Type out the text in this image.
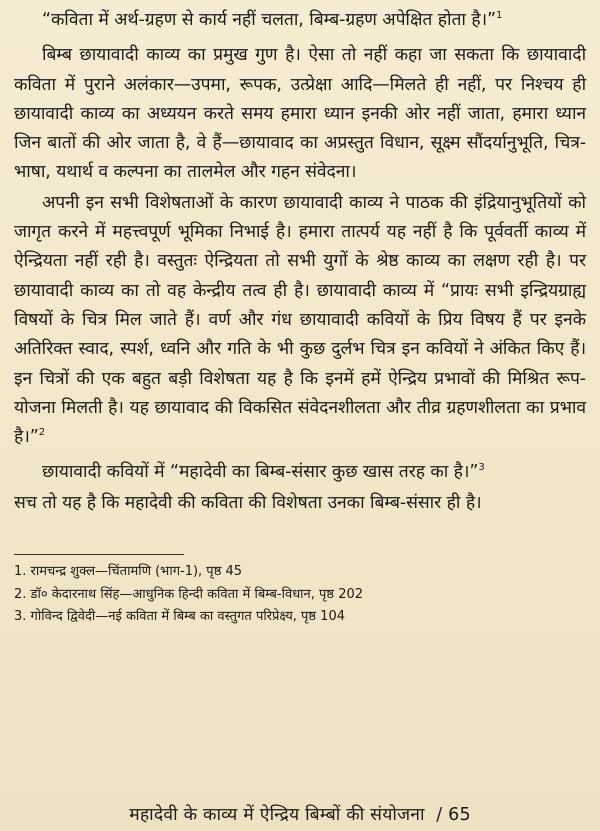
“कविता में अर्थ-ग्रहण से कार्य नहीं चलता, बिम्ब-ग्रहण अपेक्षित होता है।”$^1$

बिम्ब छायावादी काव्य का प्रमुख गुण है। ऐसा तो नहीं कहा जा सकता कि छायावादी कविता में पुराने अलंकार—उपमा, रूपक, उत्प्रेक्षा आदि—मिलते ही नहीं, पर निश्चय ही छायावादी काव्य का अध्ययन करते समय हमारा ध्यान इनकी ओर नहीं जाता, हमारा ध्यान जिन बातों की ओर जाता है, वे हैं—छायावाद का अप्रस्तुत विधान, सूक्ष्म सौंदर्यानुभूति, चित्र-भाषा, यथार्थ व कल्पना का तालमेल और गहन संवेदना।

अपनी इन सभी विशेषताओं के कारण छायावादी काव्य ने पाठक की इंद्रियानुभूतियों को जागृत करने में महत्त्वपूर्ण भूमिका निभाई है। हमारा तात्पर्य यह नहीं है कि पूर्ववर्ती काव्य में ऐन्द्रियता नहीं रही है। वस्तुतः ऐन्द्रियता तो सभी युगों के श्रेष्ठ काव्य का लक्षण रही है। पर छायावादी काव्य का तो वह केन्द्रीय तत्व ही है। छायावादी काव्य में “प्रायः सभी इन्द्रियग्राह्य विषयों के चित्र मिल जाते हैं। वर्ण और गंध छायावादी कवियों के प्रिय विषय हैं पर इनके अतिरिक्त स्वाद, स्पर्श, ध्वनि और गति के भी कुछ दुर्लभ चित्र इन कवियों ने अंकित किए हैं। इन चित्रों की एक बहुत बड़ी विशेषता यह है कि इनमें हमें ऐन्द्रिय प्रभावों की मिश्रित रूप-योजना मिलती है। यह छायावाद की विकसित संवेदनशीलता और तीव्र ग्रहणशीलता का प्रभाव है।”$^2$

छायावादी कवियों में “महादेवी का बिम्ब-संसार कुछ खास तरह का है।”$^3$

सच तो यह है कि महादेवी की कविता की विशेषता उनका बिम्ब-संसार ही है।

1. रामचन्द्र शुक्ल—चिंतामणि (भाग-1), पृष्ठ 45
2. डॉ० केदारनाथ सिंह—आधुनिक हिन्दी कविता में बिम्ब-विधान, पृष्ठ 202
3. गोविन्द द्विवेदी—नई कविता में बिम्ब का वस्तुगत परिप्रेक्ष्य, पृष्ठ 104
महादेवी के काव्य में ऐन्द्रिय बिम्बों की संयोजना / 65
